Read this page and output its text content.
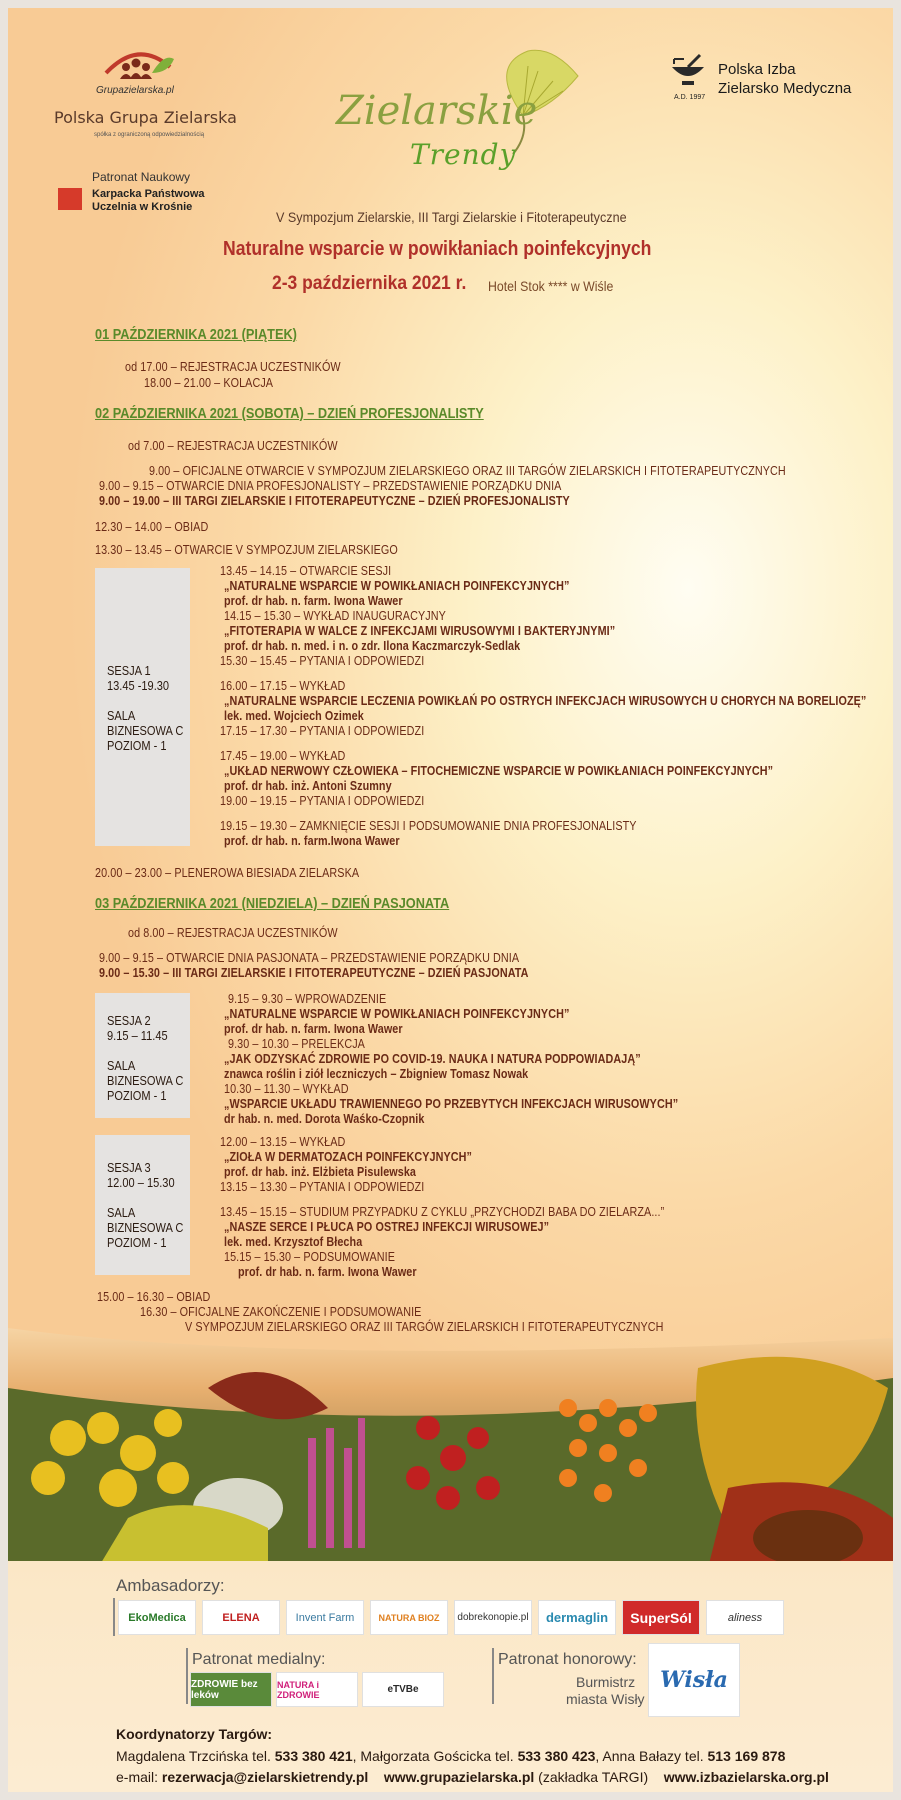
Grupazielarska.pl
Polska Grupa Zielarska
spółka z ograniczoną odpowiedzialnością
Zielarskie
Trendy
A.D. 1997
Polska Izba
Zielarsko Medyczna
Patronat Naukowy
Karpacka Państwowa
Uczelnia w Krośnie
V Sympozjum Zielarskie, III Targi Zielarskie i Fitoterapeutyczne
Naturalne wsparcie w powikłaniach poinfekcyjnych
2-3 października 2021 r. Hotel Stok **** w Wiśle
01 PAŹDZIERNIKA 2021 (PIĄTEK)
od 17.00 – REJESTRACJA UCZESTNIKÓW
18.00 – 21.00 – KOLACJA
02 PAŹDZIERNIKA 2021 (SOBOTA) – DZIEŃ PROFESJONALISTY
od 7.00 – REJESTRACJA UCZESTNIKÓW
9.00 – OFICJALNE OTWARCIE V SYMPOZJUM ZIELARSKIEGO ORAZ III TARGÓW ZIELARSKICH I FITOTERAPEUTYCZNYCH
9.00 – 9.15 – OTWARCIE DNIA PROFESJONALISTY – PRZEDSTAWIENIE PORZĄDKU DNIA
9.00 – 19.00 – III TARGI ZIELARSKIE I FITOTERAPEUTYCZNE – DZIEŃ PROFESJONALISTY
12.30 – 14.00 – OBIAD
13.30 – 13.45 – OTWARCIE V SYMPOZJUM ZIELARSKIEGO
SESJA 1
13.45 -19.30

SALA
BIZNESOWA C
POZIOM - 1
13.45 – 14.15 – OTWARCIE SESJI
„NATURALNE WSPARCIE W POWIKŁANIACH POINFEKCYJNYCH”
prof. dr hab. n. farm. Iwona Wawer
14.15 – 15.30 – WYKŁAD INAUGURACYJNY
„FITOTERAPIA W WALCE Z INFEKCJAMI WIRUSOWYMI I BAKTERYJNYMI”
prof. dr hab. n. med. i n. o zdr. Ilona Kaczmarczyk-Sedlak
15.30 – 15.45 – PYTANIA I ODPOWIEDZI
16.00 – 17.15 – WYKŁAD
„NATURALNE WSPARCIE LECZENIA POWIKŁAŃ PO OSTRYCH INFEKCJACH WIRUSOWYCH U CHORYCH NA BORELIOZĘ”
lek. med. Wojciech Ozimek
17.15 – 17.30 – PYTANIA I ODPOWIEDZI
17.45 – 19.00 – WYKŁAD
„UKŁAD NERWOWY CZŁOWIEKA – FITOCHEMICZNE WSPARCIE W POWIKŁANIACH POINFEKCYJNYCH”
prof. dr hab. inż. Antoni Szumny
19.00 – 19.15 – PYTANIA I ODPOWIEDZI
19.15 – 19.30 – ZAMKNIĘCIE SESJI I PODSUMOWANIE DNIA PROFESJONALISTY
prof. dr hab. n. farm.Iwona Wawer
20.00 – 23.00 – PLENEROWA BIESIADA ZIELARSKA
03 PAŹDZIERNIKA 2021 (NIEDZIELA) – DZIEŃ PASJONATA
od 8.00 – REJESTRACJA UCZESTNIKÓW
9.00 – 9.15 – OTWARCIE DNIA PASJONATA – PRZEDSTAWIENIE PORZĄDKU DNIA
9.00 – 15.30 – III TARGI ZIELARSKIE I FITOTERAPEUTYCZNE – DZIEŃ PASJONATA
SESJA 2
9.15 – 11.45

SALA
BIZNESOWA C
POZIOM - 1
9.15 – 9.30 – WPROWADZENIE
„NATURALNE WSPARCIE W POWIKŁANIACH POINFEKCYJNYCH”
prof. dr hab. n. farm. Iwona Wawer
9.30 – 10.30 – PRELEKCJA
„JAK ODZYSKAĆ ZDROWIE PO COVID-19. NAUKA I NATURA PODPOWIADAJĄ”
znawca roślin i ziół leczniczych – Zbigniew Tomasz Nowak
10.30 – 11.30 – WYKŁAD
„WSPARCIE UKŁADU TRAWIENNEGO PO PRZEBYTYCH INFEKCJACH WIRUSOWYCH”
dr hab. n. med. Dorota Waśko-Czopnik
SESJA 3
12.00 – 15.30

SALA
BIZNESOWA C
POZIOM - 1
12.00 – 13.15 – WYKŁAD
„ZIOŁA W DERMATOZACH POINFEKCYJNYCH”
prof. dr hab. inż. Elżbieta Pisulewska
13.15 – 13.30 – PYTANIA I ODPOWIEDZI
13.45 – 15.15 – STUDIUM PRZYPADKU Z CYKLU „PRZYCHODZI BABA DO ZIELARZA...”
„NASZE SERCE I PŁUCA PO OSTREJ INFEKCJI WIRUSOWEJ”
lek. med. Krzysztof Błecha
15.15 – 15.30 – PODSUMOWANIE
prof. dr hab. n. farm. Iwona Wawer
15.00 – 16.30 – OBIAD
16.30 – OFICJALNE ZAKOŃCZENIE I PODSUMOWANIE
V SYMPOZJUM ZIELARSKIEGO ORAZ III TARGÓW ZIELARSKICH I FITOTERAPEUTYCZNYCH
Ambasadorzy:
EkoMedica	ELENA	Invent Farm	NATURA BIOZ	dobrekonopie.pl	dermaglin	SuperSól	aliness
Patronat medialny:
ZDROWIE bez leków
NATURA i ZDROWIE	eTVBe
Patronat honorowy:
Burmistrz
miasta Wisły
Wisła
Koordynatorzy Targów:
Magdalena Trzcińska tel. 533 380 421, Małgorzata Gościcka tel. 533 380 423, Anna Bałazy tel. 513 169 878
e-mail: rezerwacja@zielarskietrendy.pl www.grupazielarska.pl (zakładka TARGI) www.izbazielarska.org.pl
